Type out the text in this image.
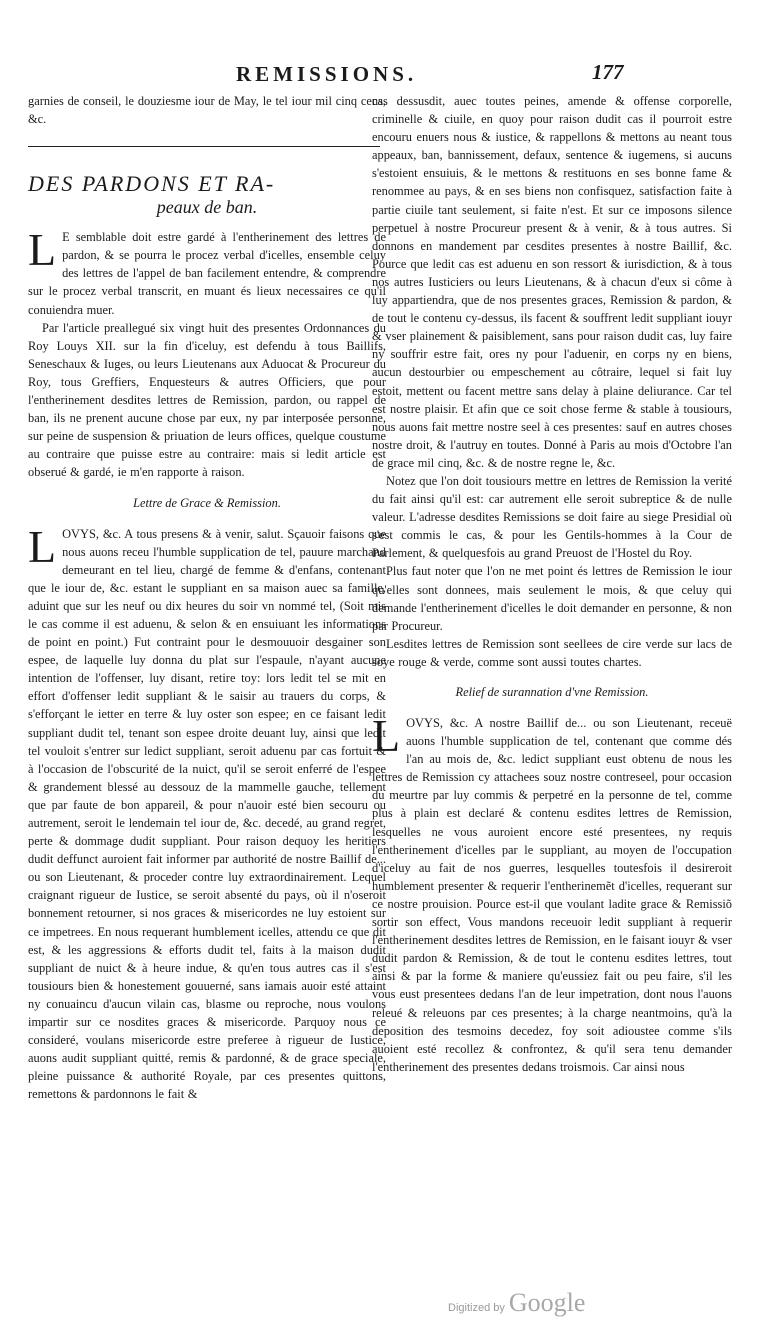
REMISSIONS.	177

garnies de conseil, le douziesme iour de May, le tel iour mil cinq cens, &c.

DES PARDONS ET RA-
peaux de ban.
L E semblable doit estre gardé à l'entherinement des lettres de pardon, & se pourra le procez verbal d'icelles, ensemble celuy des lettres de l'appel de ban facilement entendre, & comprendre sur le procez verbal transcrit, en muant és lieux necessaires ce qu'il conuiendra muer.

Par l'article preallegué six vingt huit des presentes Ordonnances du Roy Louys XII. sur la fin d'iceluy, est defendu à tous Baillifs, Seneschaux & Iuges, ou leurs Lieutenans aux Aduocat & Procureur du Roy, tous Greffiers, Enquesteurs & autres Officiers, que pour l'entherinement desdites lettres de Remission, pardon, ou rappel de ban, ils ne prenent aucune chose par eux, ny par interposée personne, sur peine de suspension & priuation de leurs offices, quelque coustume au contraire que puisse estre au contraire: mais si ledit article est obserué & gardé, ie m'en rapporte à raison.

Lettre de Grace & Remission.
L OVYS, &c. A tous presens & à venir, salut. Sçauoir faisons que nous auons receu l'humble supplication de tel, pauure marchand demeurant en tel lieu, chargé de femme & d'enfans, contenant que le iour de, &c. estant le suppliant en sa maison auec sa famille, aduint que sur les neuf ou dix heures du soir vn nommé tel, (Soit mis le cas comme il est aduenu, & selon & en ensuiuant les informations de point en point.) Fut contraint pour le desmouuoir desgainer son espee, de laquelle luy donna du plat sur l'espaule, n'ayant aucune intention de l'offenser, luy disant, retire toy: lors ledit tel se mit en effort d'offenser ledit suppliant & le saisir au trauers du corps, & s'efforçant le ietter en terre & luy oster son espee; en ce faisant ledit suppliant dudit tel, tenant son espee droite deuant luy, ainsi que ledit tel vouloit s'entrer sur ledict suppliant, seroit aduenu par cas fortuit & à l'occasion de l'obscurité de la nuict, qu'il se seroit enferré de l'espee & grandement blessé au dessouz de la mammelle gauche, tellement que par faute de bon appareil, & pour n'auoir esté bien secouru ou autrement, seroit le lendemain tel iour de, &c. decedé, au grand regret, perte & dommage dudit suppliant. Pour raison dequoy les heritiers dudit deffunct auroient fait informer par authorité de nostre Baillif de... ou son Lieutenant, & proceder contre luy extraordinairement. Lequel craignant rigueur de Iustice, se seroit absenté du pays, où il n'oseroit bonnement retourner, si nos graces & misericordes ne luy estoient sur ce impetrees. En nous requerant humblement icelles, attendu ce que dit est, & les aggressions & efforts dudit tel, faits à la maison dudit suppliant de nuict & à heure indue, & qu'en tous autres cas il s'est tousiours bien & honestement gouuerné, sans iamais auoir esté attaint ny conuaincu d'aucun vilain cas, blasme ou reproche, nous voulons impartir sur ce nosdites graces & misericorde. Parquoy nous ce consideré, voulans misericorde estre preferee à rigueur de Iustice, auons audit suppliant quitté, remis & pardonné, & de grace speciale, pleine puissance & authorité Royale, par ces presentes quittons, remettons & pardonnons le fait &

cas dessusdit, auec toutes peines, amende & offense corporelle, criminelle & ciuile, en quoy pour raison dudit cas il pourroit estre encouru enuers nous & iustice, & rappellons & mettons au neant tous appeaux, ban, bannissement, defaux, sentence & iugemens, si aucuns s'estoient ensuiuis, & le mettons & restituons en ses bonne fame & renommee au pays, & en ses biens non confisquez, satisfaction faite à partie ciuile tant seulement, si faite n'est. Et sur ce imposons silence perpetuel à nostre Procureur present & à venir, & à tous autres. Si donnons en mandement par cesdites presentes à nostre Baillif, &c. Pource que ledit cas est aduenu en son ressort & iurisdiction, & à tous nos autres Iusticiers ou leurs Lieutenans, & à chacun d'eux si côme à luy appartiendra, que de nos presentes graces, Remission & pardon, & de tout le contenu cy-dessus, ils facent & souffrent ledit suppliant iouyr & vser plainement & paisiblement, sans pour raison dudit cas, luy faire ny souffrir estre fait, ores ny pour l'aduenir, en corps ny en biens, aucun destourbier ou empeschement au côtraire, lequel si fait luy estoit, mettent ou facent mettre sans delay à plaine deliurance. Car tel est nostre plaisir. Et afin que ce soit chose ferme & stable à tousiours, nous auons fait mettre nostre seel à ces presentes: sauf en autres choses nostre droit, & l'autruy en toutes. Donné à Paris au mois d'Octobre l'an de grace mil cinq, &c. & de nostre regne le, &c.

Notez que l'on doit tousiours mettre en lettres de Remission la verité du fait ainsi qu'il est: car autrement elle seroit subreptice & de nulle valeur. L'adresse desdites Remissions se doit faire au siege Presidial où s'est commis le cas, & pour les Gentils-hommes à la Cour de Parlement, & quelquesfois au grand Preuost de l'Hostel du Roy.

Plus faut noter que l'on ne met point és lettres de Remission le iour qu'elles sont donnees, mais seulement le mois, & que celuy qui demande l'entherinement d'icelles le doit demander en personne, & non par Procureur.

Lesdites lettres de Remission sont seellees de cire verde sur lacs de soye rouge & verde, comme sont aussi toutes chartes.

Relief de surannation d'vne Remission.
L OVYS, &c. A nostre Baillif de... ou son Lieutenant, receuë auons l'humble supplication de tel, contenant que comme dés l'an au mois de, &c. ledict suppliant eust obtenu de nous les lettres de Remission cy attachees souz nostre contreseel, pour occasion du meurtre par luy commis & perpetré en la personne de tel, comme plus à plain est declaré & contenu esdites lettres de Remission, lesquelles ne vous auroient encore esté presentees, ny requis l'entherinement d'icelles par le suppliant, au moyen de l'occupation d'iceluy au fait de nos guerres, lesquelles toutesfois il desireroit humblement presenter & requerir l'entherinemẽt d'icelles, requerant sur ce nostre prouision. Pource est-il que voulant ladite grace & Remissiõ sortir son effect, Vous mandons receuoir ledit suppliant à requerir l'entherinement desdites lettres de Remission, en le faisant iouyr & vser dudit pardon & Remission, & de tout le contenu esdites lettres, tout ainsi & par la forme & maniere qu'eussiez fait ou peu faire, s'il les vous eust presentees dedans l'an de leur impetration, dont nous l'auons releué & releuons par ces presentes; à la charge neantmoins, qu'à la deposition des tesmoins decedez, foy soit adioustee comme s'ils auoient esté recollez & confrontez, & qu'il sera tenu demander l'entherinement des presentes dedans troismois. Car ainsi nous

Digitized by Google
